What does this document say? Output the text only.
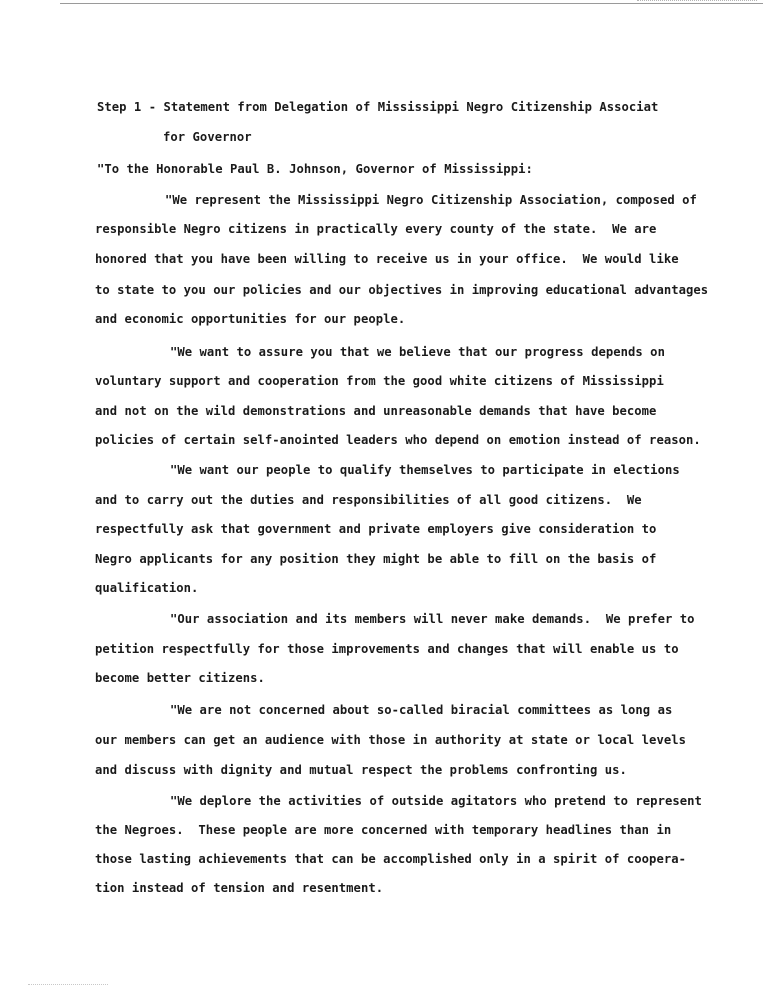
Step 1 - Statement from Delegation of Mississippi Negro Citizenship Associat
for Governor
"To the Honorable Paul B. Johnson, Governor of Mississippi:
"We represent the Mississippi Negro Citizenship Association, composed of
responsible Negro citizens in practically every county of the state.  We are
honored that you have been willing to receive us in your office.  We would like
to state to you our policies and our objectives in improving educational advantages
and economic opportunities for our people.
"We want to assure you that we believe that our progress depends on
voluntary support and cooperation from the good white citizens of Mississippi
and not on the wild demonstrations and unreasonable demands that have become
policies of certain self-anointed leaders who depend on emotion instead of reason.
"We want our people to qualify themselves to participate in elections
and to carry out the duties and responsibilities of all good citizens.  We
respectfully ask that government and private employers give consideration to
Negro applicants for any position they might be able to fill on the basis of
qualification.
"Our association and its members will never make demands.  We prefer to
petition respectfully for those improvements and changes that will enable us to
become better citizens.
"We are not concerned about so-called biracial committees as long as
our members can get an audience with those in authority at state or local levels
and discuss with dignity and mutual respect the problems confronting us.
"We deplore the activities of outside agitators who pretend to represent
the Negroes.  These people are more concerned with temporary headlines than in
those lasting achievements that can be accomplished only in a spirit of coopera-
tion instead of tension and resentment.
